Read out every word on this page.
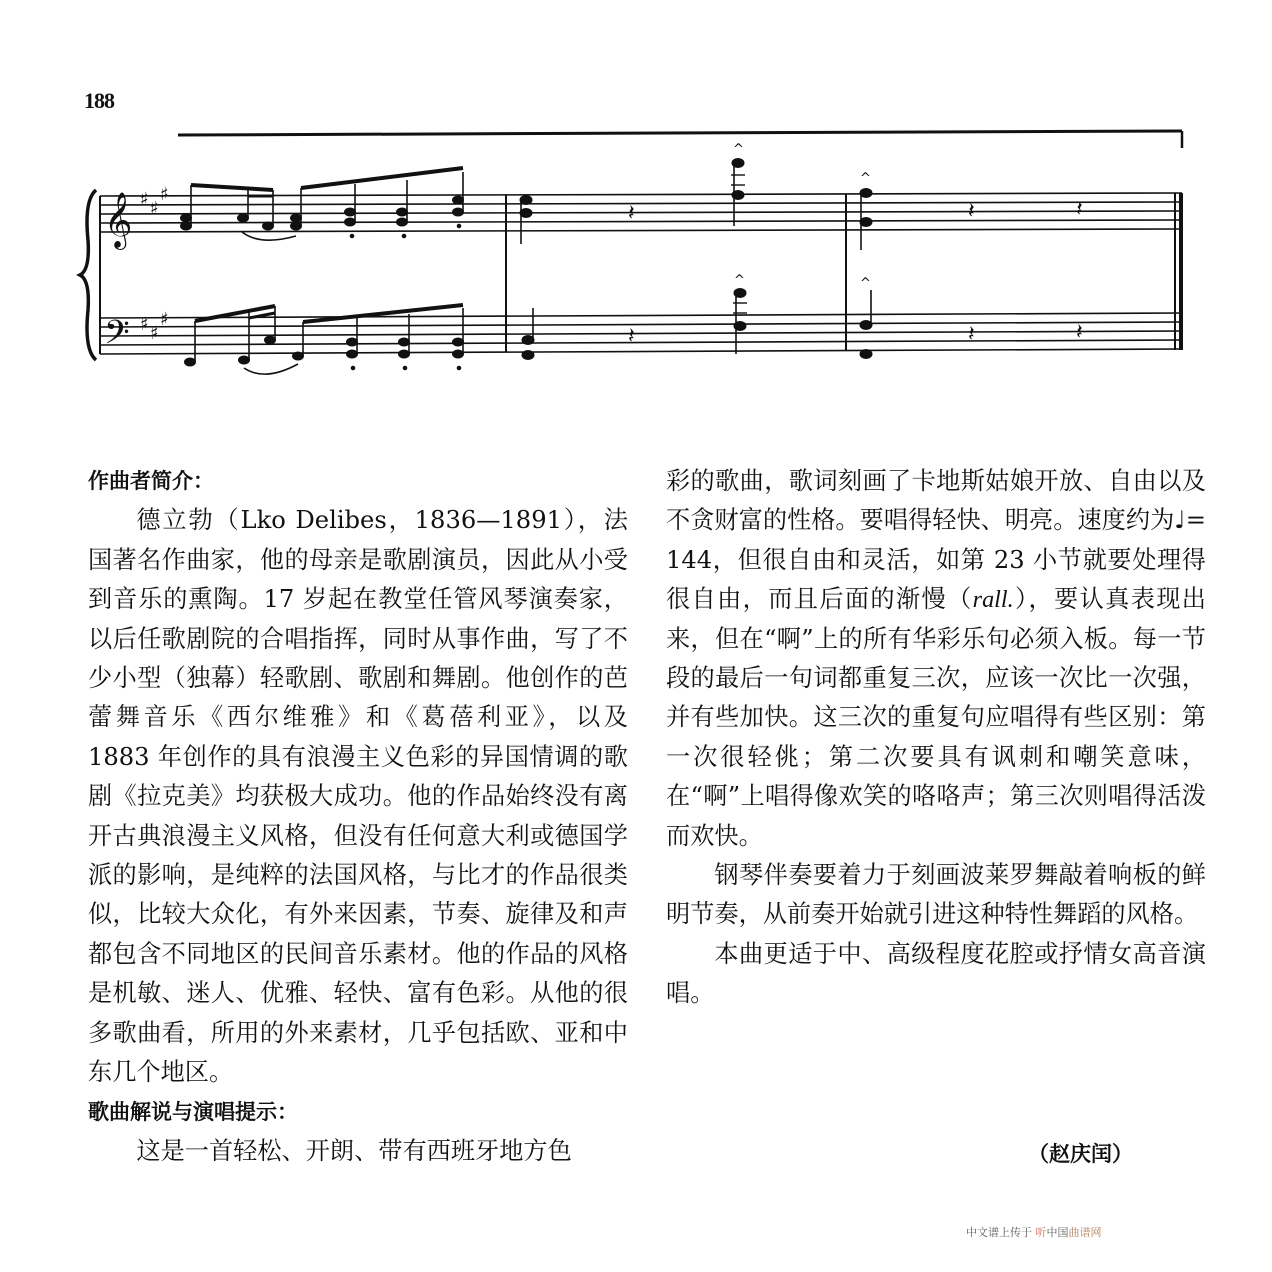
188
𝄞
𝄢
♯ ♯
♯
♯ ♯
♯
𝄽
^
𝄽
^
^
𝄽	𝄽
^
𝄽	𝄽

作曲者简介：

德立勃（Lko Delibes，1836—1891），法国著名作曲家，他的母亲是歌剧演员，因此从小受到音乐的熏陶。17 岁起在教堂任管风琴演奏家，以后任歌剧院的合唱指挥，同时从事作曲，写了不少小型（独幕）轻歌剧、歌剧和舞剧。他创作的芭蕾舞音乐《西尔维雅》和《葛蓓利亚》，以及 1883 年创作的具有浪漫主义色彩的异国情调的歌剧《拉克美》均获极大成功。他的作品始终没有离开古典浪漫主义风格，但没有任何意大利或德国学派的影响，是纯粹的法国风格，与比才的作品很类似，比较大众化，有外来因素，节奏、旋律及和声都包含不同地区的民间音乐素材。他的作品的风格是机敏、迷人、优雅、轻快、富有色彩。从他的很多歌曲看，所用的外来素材，几乎包括欧、亚和中东几个地区。

歌曲解说与演唱提示：

这是一首轻松、开朗、带有西班牙地方色

彩的歌曲，歌词刻画了卡地斯姑娘开放、自由以及不贪财富的性格。要唱得轻快、明亮。速度约为♩= 144，但很自由和灵活，如第 23 小节就要处理得很自由，而且后面的渐慢（rall.），要认真表现出来，但在“啊”上的所有华彩乐句必须入板。每一节段的最后一句词都重复三次，应该一次比一次强，并有些加快。这三次的重复句应唱得有些区别：第一次很轻佻；第二次要具有讽刺和嘲笑意味，在“啊”上唱得像欢笑的咯咯声；第三次则唱得活泼而欢快。

钢琴伴奏要着力于刻画波莱罗舞敲着响板的鲜明节奏，从前奏开始就引进这种特性舞蹈的风格。

本曲更适于中、高级程度花腔或抒情女高音演唱。

（赵庆闰）
中文谱上传于 听中国曲谱网
